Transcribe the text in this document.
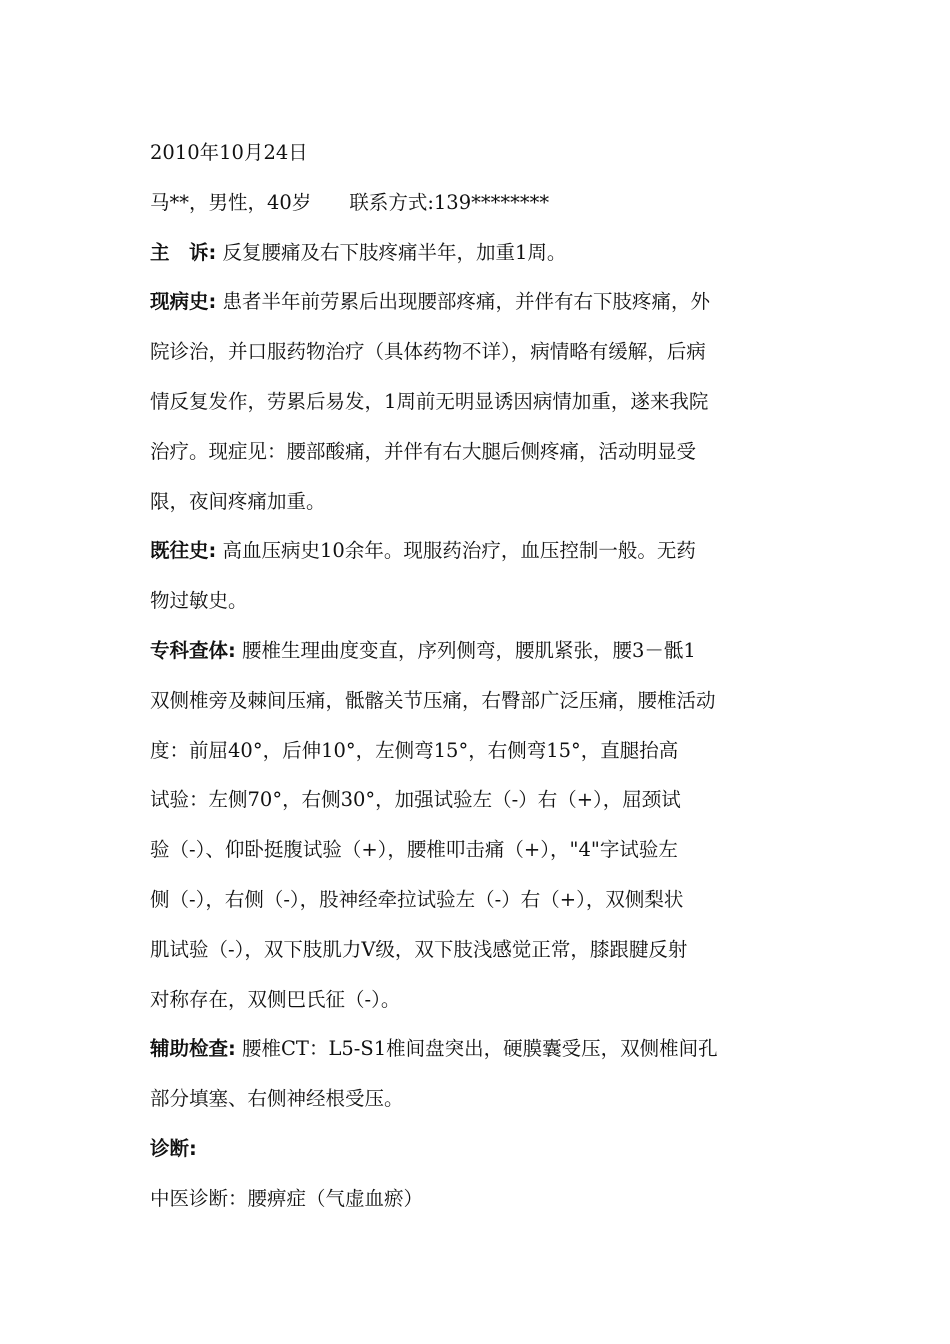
2010年10月24日
马**，男性，40岁 联系方式:139********
主　诉: 反复腰痛及右下肢疼痛半年，加重1周。
现病史: 患者半年前劳累后出现腰部疼痛，并伴有右下肢疼痛，外
院诊治，并口服药物治疗（具体药物不详），病情略有缓解，后病
情反复发作，劳累后易发，1周前无明显诱因病情加重，遂来我院
治疗。现症见：腰部酸痛，并伴有右大腿后侧疼痛，活动明显受
限，夜间疼痛加重。
既往史: 高血压病史10余年。现服药治疗，血压控制一般。无药
物过敏史。
专科查体: 腰椎生理曲度变直，序列侧弯，腰肌紧张，腰3－骶1
双侧椎旁及棘间压痛，骶髂关节压痛，右臀部广泛压痛，腰椎活动
度：前屈40°，后伸10°，左侧弯15°，右侧弯15°，直腿抬高
试验：左侧70°，右侧30°，加强试验左（-）右（+），屈颈试
验（-）、仰卧挺腹试验（+），腰椎叩击痛（+），"4"字试验左
侧（-），右侧（-），股神经牵拉试验左（-）右（+），双侧梨状
肌试验（-），双下肢肌力V级，双下肢浅感觉正常，膝跟腱反射
对称存在，双侧巴氏征（-）。
辅助检查: 腰椎CT：L5-S1椎间盘突出，硬膜囊受压，双侧椎间孔
部分填塞、右侧神经根受压。
诊断:
中医诊断：腰痹症（气虚血瘀）
